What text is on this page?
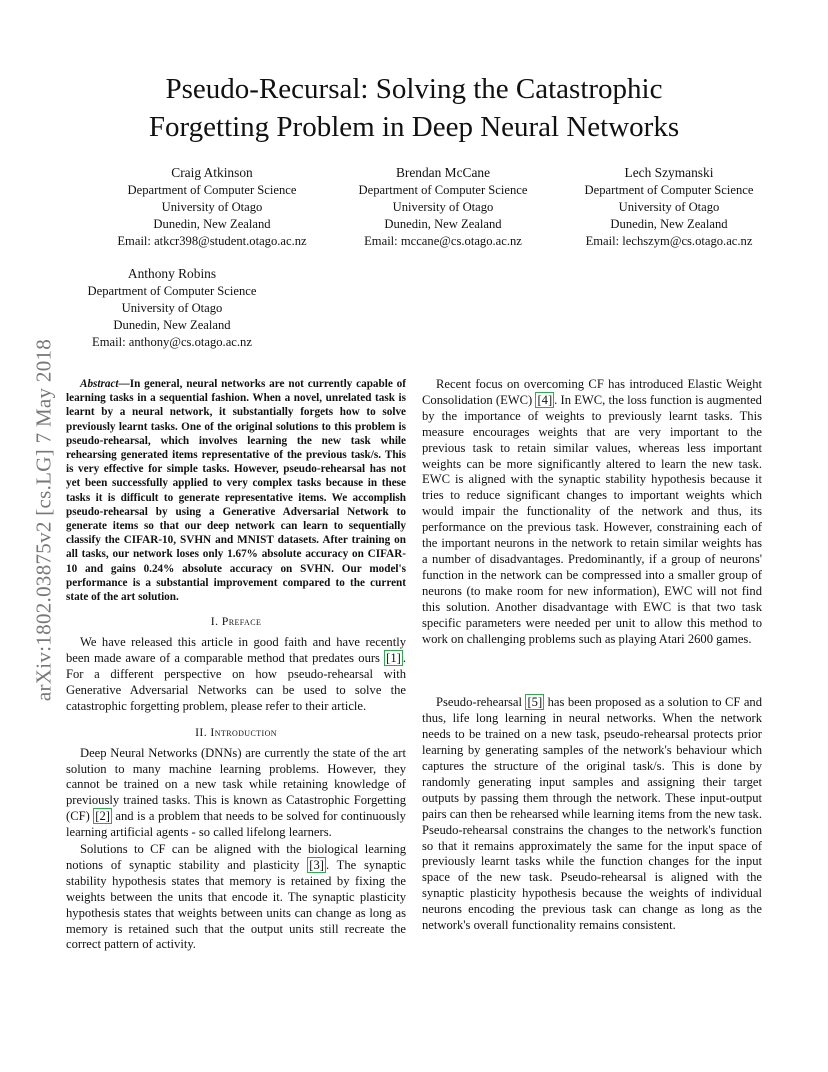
arXiv:1802.03875v2 [cs.LG] 7 May 2018
Pseudo-Recursal: Solving the Catastrophic
Forgetting Problem in Deep Neural Networks
Craig Atkinson
Department of Computer Science
University of Otago
Dunedin, New Zealand
Email: atkcr398@student.otago.ac.nz
Brendan McCane
Department of Computer Science
University of Otago
Dunedin, New Zealand
Email: mccane@cs.otago.ac.nz
Lech Szymanski
Department of Computer Science
University of Otago
Dunedin, New Zealand
Email: lechszym@cs.otago.ac.nz
Anthony Robins
Department of Computer Science
University of Otago
Dunedin, New Zealand
Email: anthony@cs.otago.ac.nz

Abstract—In general, neural networks are not currently capable of learning tasks in a sequential fashion. When a novel, unrelated task is learnt by a neural network, it substantially forgets how to solve previously learnt tasks. One of the original solutions to this problem is pseudo-rehearsal, which involves learning the new task while rehearsing generated items representative of the previous task/s. This is very effective for simple tasks. However, pseudo-rehearsal has not yet been successfully applied to very complex tasks because in these tasks it is difficult to generate representative items. We accomplish pseudo-rehearsal by using a Generative Adversarial Network to generate items so that our deep network can learn to sequentially classify the CIFAR-10, SVHN and MNIST datasets. After training on all tasks, our network loses only 1.67% absolute accuracy on CIFAR-10 and gains 0.24% absolute accuracy on SVHN. Our model's performance is a substantial improvement compared to the current state of the art solution.

I. Preface

We have released this article in good faith and have recently been made aware of a comparable method that predates ours [1] . For a different perspective on how pseudo-rehearsal with Generative Adversarial Networks can be used to solve the catastrophic forgetting problem, please refer to their article.

II. Introduction

Deep Neural Networks (DNNs) are currently the state of the art solution to many machine learning problems. However, they cannot be trained on a new task while retaining knowledge of previously trained tasks. This is known as Catastrophic Forgetting (CF) [2] and is a problem that needs to be solved for continuously learning artificial agents - so called lifelong learners.

Solutions to CF can be aligned with the biological learning notions of synaptic stability and plasticity [3] . The synaptic stability hypothesis states that memory is retained by fixing the weights between the units that encode it. The synaptic plasticity hypothesis states that weights between units can change as long as memory is retained such that the output units still recreate the correct pattern of activity.

Recent focus on overcoming CF has introduced Elastic Weight Consolidation (EWC) [4] . In EWC, the loss function is augmented by the importance of weights to previously learnt tasks. This measure encourages weights that are very important to the previous task to retain similar values, whereas less important weights can be more significantly altered to learn the new task. EWC is aligned with the synaptic stability hypothesis because it tries to reduce significant changes to important weights which would impair the functionality of the network and thus, its performance on the previous task. However, constraining each of the important neurons in the network to retain similar weights has a number of disadvantages. Predominantly, if a group of neurons' function in the network can be compressed into a smaller group of neurons (to make room for new information), EWC will not find this solution. Another disadvantage with EWC is that two task specific parameters were needed per unit to allow this method to work on challenging problems such as playing Atari 2600 games.

Pseudo-rehearsal [5] has been proposed as a solution to CF and thus, life long learning in neural networks. When the network needs to be trained on a new task, pseudo-rehearsal protects prior learning by generating samples of the network's behaviour which captures the structure of the original task/s. This is done by randomly generating input samples and assigning their target outputs by passing them through the network. These input-output pairs can then be rehearsed while learning items from the new task. Pseudo-rehearsal constrains the changes to the network's function so that it remains approximately the same for the input space of previously learnt tasks while the function changes for the input space of the new task. Pseudo-rehearsal is aligned with the synaptic plasticity hypothesis because the weights of individual neurons encoding the previous task can change as long as the network's overall functionality remains consistent.
